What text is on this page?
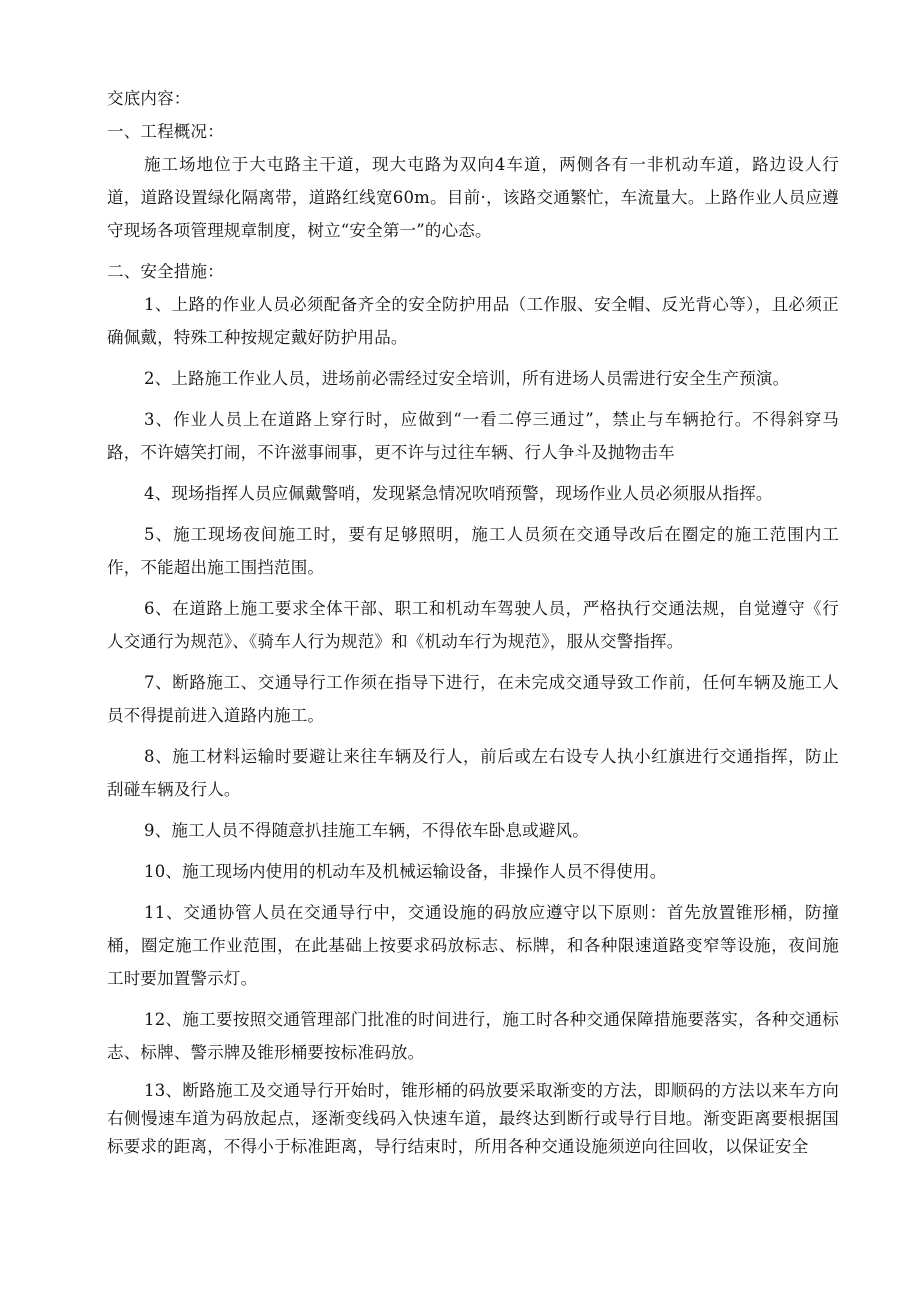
交底内容：

一、工程概况：

施工场地位于大屯路主干道，现大屯路为双向4车道，两侧各有一非机动车道，路边设人行道，道路设置绿化隔离带，道路红线宽60m。目前·，该路交通繁忙，车流量大。上路作业人员应遵守现场各项管理规章制度，树立“安全第一”的心态。

二、安全措施：

1、上路的作业人员必须配备齐全的安全防护用品（工作服、安全帽、反光背心等），且必须正确佩戴，特殊工种按规定戴好防护用品。

2、上路施工作业人员，进场前必需经过安全培训，所有进场人员需进行安全生产预演。

3、作业人员上在道路上穿行时，应做到“一看二停三通过”，禁止与车辆抢行。不得斜穿马路，不许嬉笑打闹，不许滋事闹事，更不许与过往车辆、行人争斗及抛物击车

4、现场指挥人员应佩戴警哨，发现紧急情况吹哨预警，现场作业人员必须服从指挥。

5、施工现场夜间施工时，要有足够照明，施工人员须在交通导改后在圈定的施工范围内工作，不能超出施工围挡范围。

6、在道路上施工要求全体干部、职工和机动车驾驶人员，严格执行交通法规，自觉遵守《行人交通行为规范》、《骑车人行为规范》和《机动车行为规范》，服从交警指挥。

7、断路施工、交通导行工作须在指导下进行，在未完成交通导致工作前，任何车辆及施工人员不得提前进入道路内施工。

8、施工材料运输时要避让来往车辆及行人，前后或左右设专人执小红旗进行交通指挥，防止刮碰车辆及行人。

9、施工人员不得随意扒挂施工车辆，不得依车卧息或避风。

10、施工现场内使用的机动车及机械运输设备，非操作人员不得使用。

11、交通协管人员在交通导行中，交通设施的码放应遵守以下原则：首先放置锥形桶，防撞桶，圈定施工作业范围，在此基础上按要求码放标志、标牌，和各种限速道路变窄等设施，夜间施工时要加置警示灯。

12、施工要按照交通管理部门批准的时间进行，施工时各种交通保障措施要落实，各种交通标志、标牌、警示牌及锥形桶要按标准码放。

13、断路施工及交通导行开始时，锥形桶的码放要采取渐变的方法，即顺码的方法以来车方向右侧慢速车道为码放起点，逐渐变线码入快速车道，最终达到断行或导行目地。渐变距离要根据国标要求的距离，不得小于标准距离，导行结束时，所用各种交通设施须逆向往回收，以保证安全
